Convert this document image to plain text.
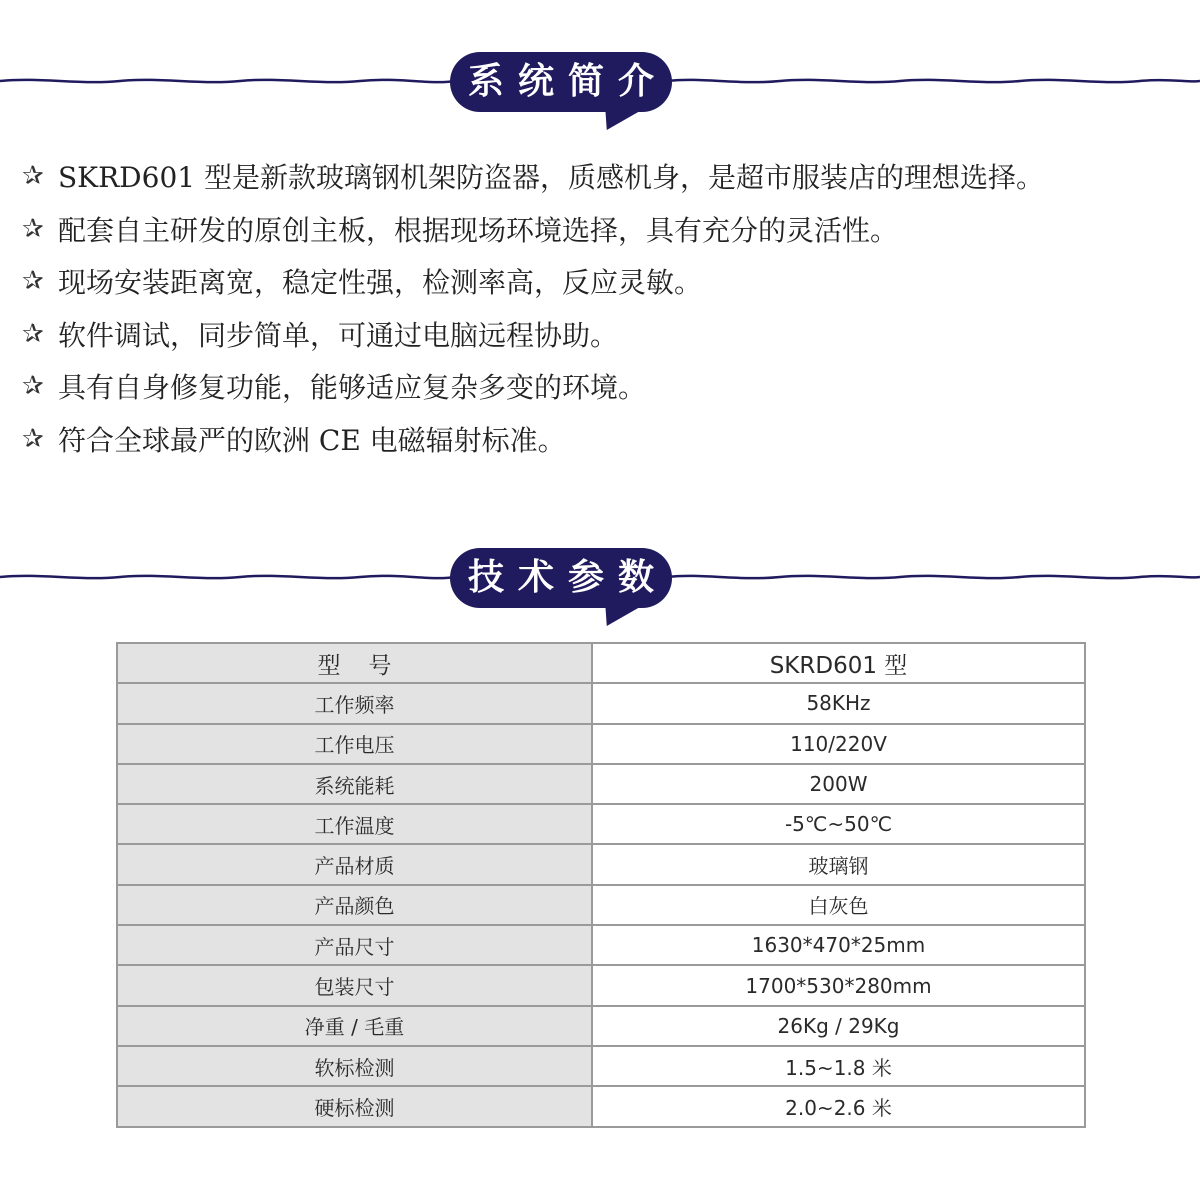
系统简介
✰ SKRD601 型是新款玻璃钢机架防盗器，质感机身，是超市服装店的理想选择。
✰ 配套自主研发的原创主板，根据现场环境选择，具有充分的灵活性。
✰ 现场安装距离宽，稳定性强，检测率高，反应灵敏。
✰ 软件调试，同步简单，可通过电脑远程协助。
✰ 具有自身修复功能，能够适应复杂多变的环境。
✰ 符合全球最严的欧洲 CE 电磁辐射标准。
技术参数
型号	SKRD601 型
工作频率	58KHz
工作电压	110/220V
系统能耗	200W
工作温度	-5℃~50℃
产品材质	玻璃钢
产品颜色	白灰色
产品尺寸	1630*470*25mm
包装尺寸	1700*530*280mm
净重 / 毛重	26Kg / 29Kg
软标检测	1.5~1.8 米
硬标检测	2.0~2.6 米
